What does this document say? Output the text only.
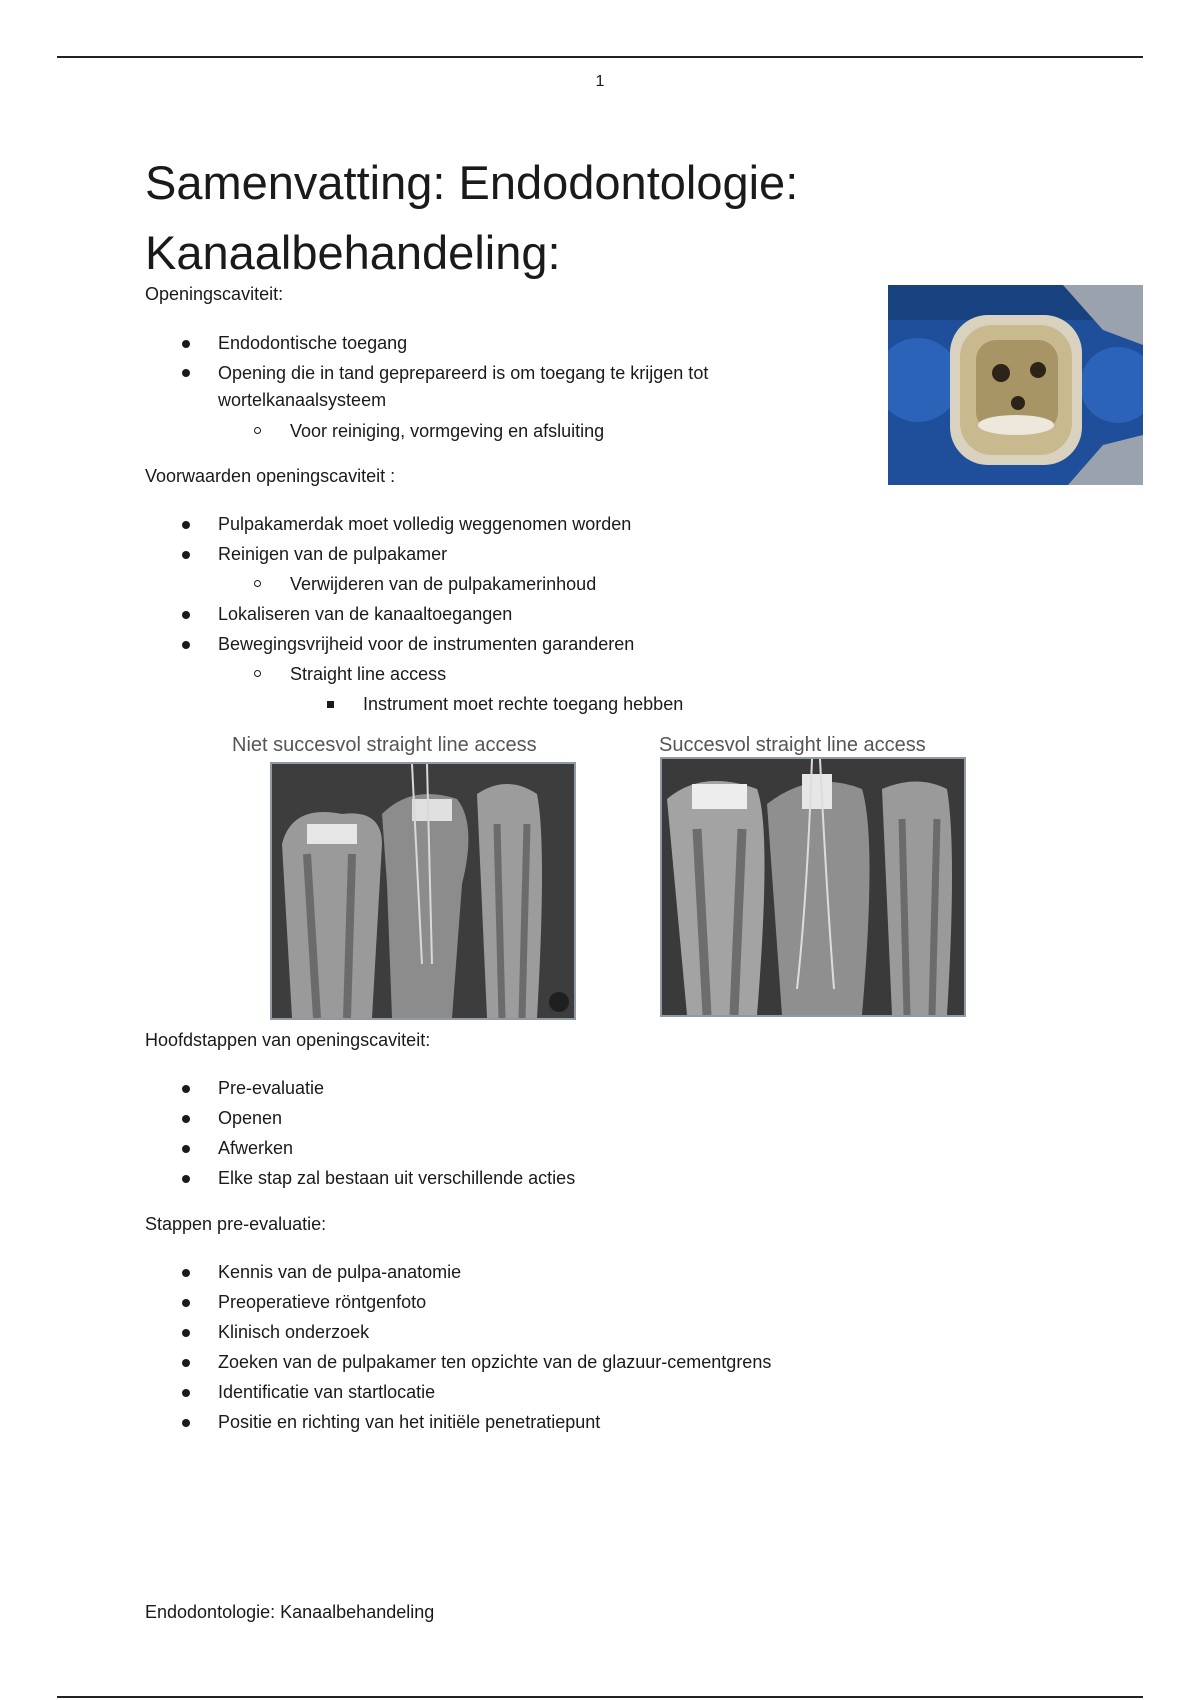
1
Samenvatting: Endodontologie: Kanaalbehandeling:
Openingscaviteit:
Endodontische toegang
Opening die in tand geprepareerd is om toegang te krijgen tot wortelkanaalsysteem
Voor reiniging, vormgeving en afsluiting
Voorwaarden openingscaviteit :
Pulpakamerdak moet volledig weggenomen worden
Reinigen van de pulpakamer
Verwijderen van de pulpakamerinhoud
Lokaliseren van de kanaaltoegangen
Bewegingsvrijheid voor de instrumenten garanderen
Straight line access
Instrument moet rechte toegang hebben
Niet succesvol straight line access	Succesvol straight line access
Hoofdstappen van openingscaviteit:
Pre-evaluatie
Openen
Afwerken
Elke stap zal bestaan uit verschillende acties
Stappen pre-evaluatie:
Kennis van de pulpa-anatomie
Preoperatieve röntgenfoto
Klinisch onderzoek
Zoeken van de pulpakamer ten opzichte van de glazuur-cementgrens
Identificatie van startlocatie
Positie en richting van het initiële penetratiepunt
Endodontologie: Kanaalbehandeling
